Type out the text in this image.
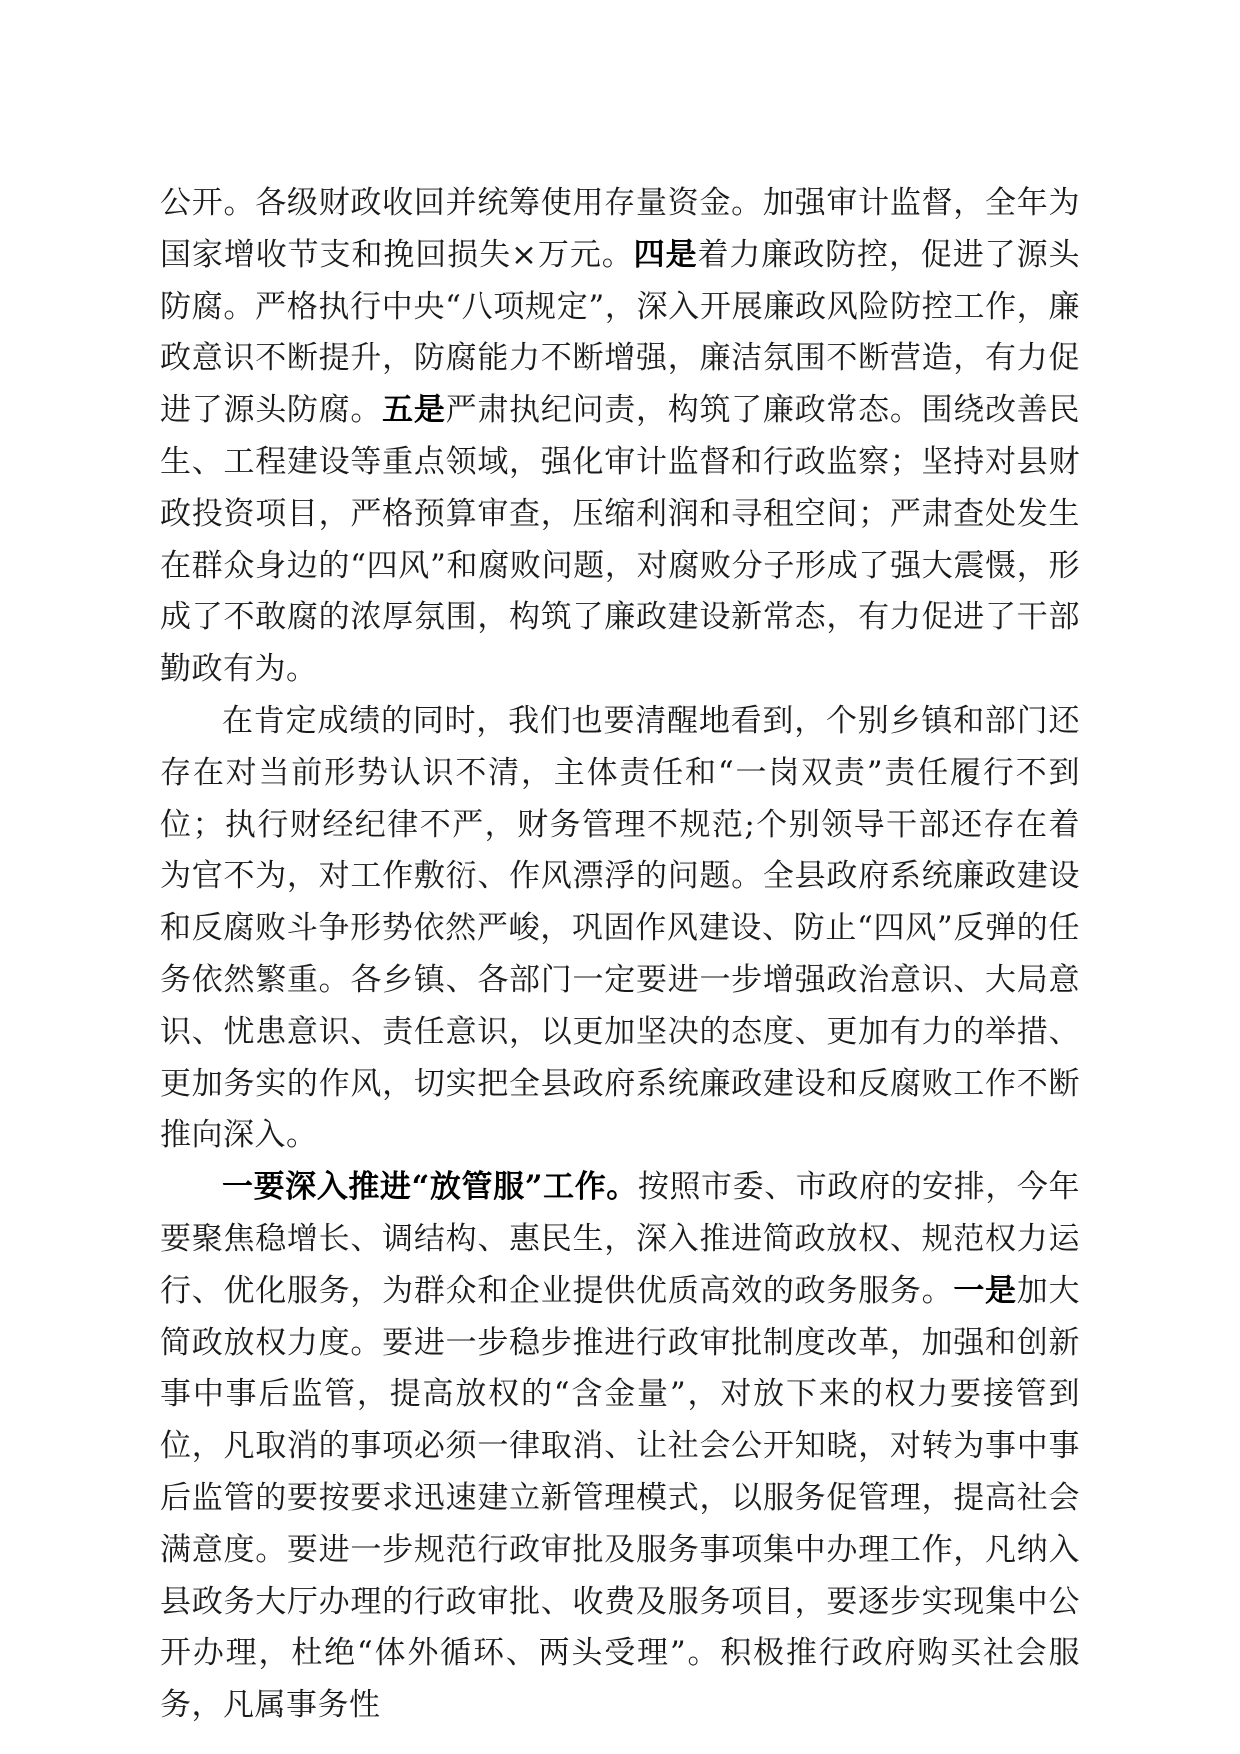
公开。各级财政收回并统筹使用存量资金。加强审计监督，全年为国家增收节支和挽回损失×万元。四是着力廉政防控，促进了源头防腐。严格执行中央“八项规定”，深入开展廉政风险防控工作，廉政意识不断提升，防腐能力不断增强，廉洁氛围不断营造，有力促进了源头防腐。五是严肃执纪问责，构筑了廉政常态。围绕改善民生、工程建设等重点领域，强化审计监督和行政监察；坚持对县财政投资项目，严格预算审查，压缩利润和寻租空间；严肃查处发生在群众身边的“四风”和腐败问题，对腐败分子形成了强大震慑，形成了不敢腐的浓厚氛围，构筑了廉政建设新常态，有力促进了干部勤政有为。

在肯定成绩的同时，我们也要清醒地看到，个别乡镇和部门还存在对当前形势认识不清，主体责任和“一岗双责”责任履行不到位；执行财经纪律不严，财务管理不规范;个别领导干部还存在着为官不为，对工作敷衍、作风漂浮的问题。全县政府系统廉政建设和反腐败斗争形势依然严峻，巩固作风建设、防止“四风”反弹的任务依然繁重。各乡镇、各部门一定要进一步增强政治意识、大局意识、忧患意识、责任意识，以更加坚决的态度、更加有力的举措、更加务实的作风，切实把全县政府系统廉政建设和反腐败工作不断推向深入。

一要深入推进“放管服”工作。按照市委、市政府的安排，今年要聚焦稳增长、调结构、惠民生，深入推进简政放权、规范权力运行、优化服务，为群众和企业提供优质高效的政务服务。一是加大简政放权力度。要进一步稳步推进行政审批制度改革，加强和创新事中事后监管，提高放权的“含金量”，对放下来的权力要接管到位，凡取消的事项必须一律取消、让社会公开知晓，对转为事中事后监管的要按要求迅速建立新管理模式，以服务促管理，提高社会满意度。要进一步规范行政审批及服务事项集中办理工作，凡纳入县政务大厅办理的行政审批、收费及服务项目，要逐步实现集中公开办理，杜绝“体外循环、两头受理”。积极推行政府购买社会服务，凡属事务性
